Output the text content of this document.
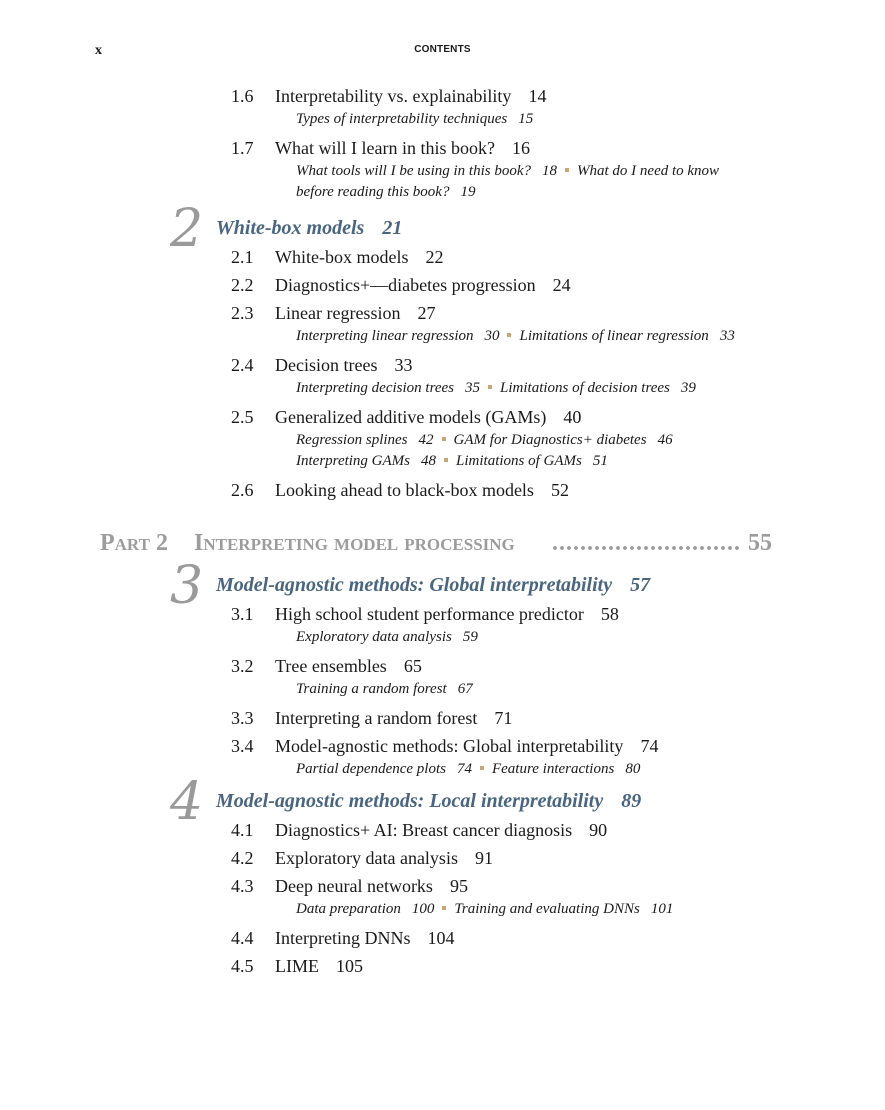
x	CONTENTS
1.6 Interpretability vs. explainability 14
Types of interpretability techniques 15
1.7 What will I learn in this book? 16
What tools will I be using in this book? 18 What do I need to know before reading this book? 19
2 White-box models 21
2.1 White-box models 22
2.2 Diagnostics+—diabetes progression 24
2.3 Linear regression 27
Interpreting linear regression 30 Limitations of linear regression 33
2.4 Decision trees 33
Interpreting decision trees 35 Limitations of decision trees 39
2.5 Generalized additive models (GAMs) 40
Regression splines 42 GAM for Diagnostics+ diabetes 46
Interpreting GAMs 48 Limitations of GAMs 51
2.6 Looking ahead to black-box models 52
Part 2 Interpreting model processing ........................... 55
3 Model-agnostic methods: Global interpretability 57
3.1 High school student performance predictor 58
Exploratory data analysis 59
3.2 Tree ensembles 65
Training a random forest 67
3.3 Interpreting a random forest 71
3.4 Model-agnostic methods: Global interpretability 74
Partial dependence plots 74 Feature interactions 80
4 Model-agnostic methods: Local interpretability 89
4.1 Diagnostics+ AI: Breast cancer diagnosis 90
4.2 Exploratory data analysis 91
4.3 Deep neural networks 95
Data preparation 100 Training and evaluating DNNs 101
4.4 Interpreting DNNs 104
4.5 LIME 105
